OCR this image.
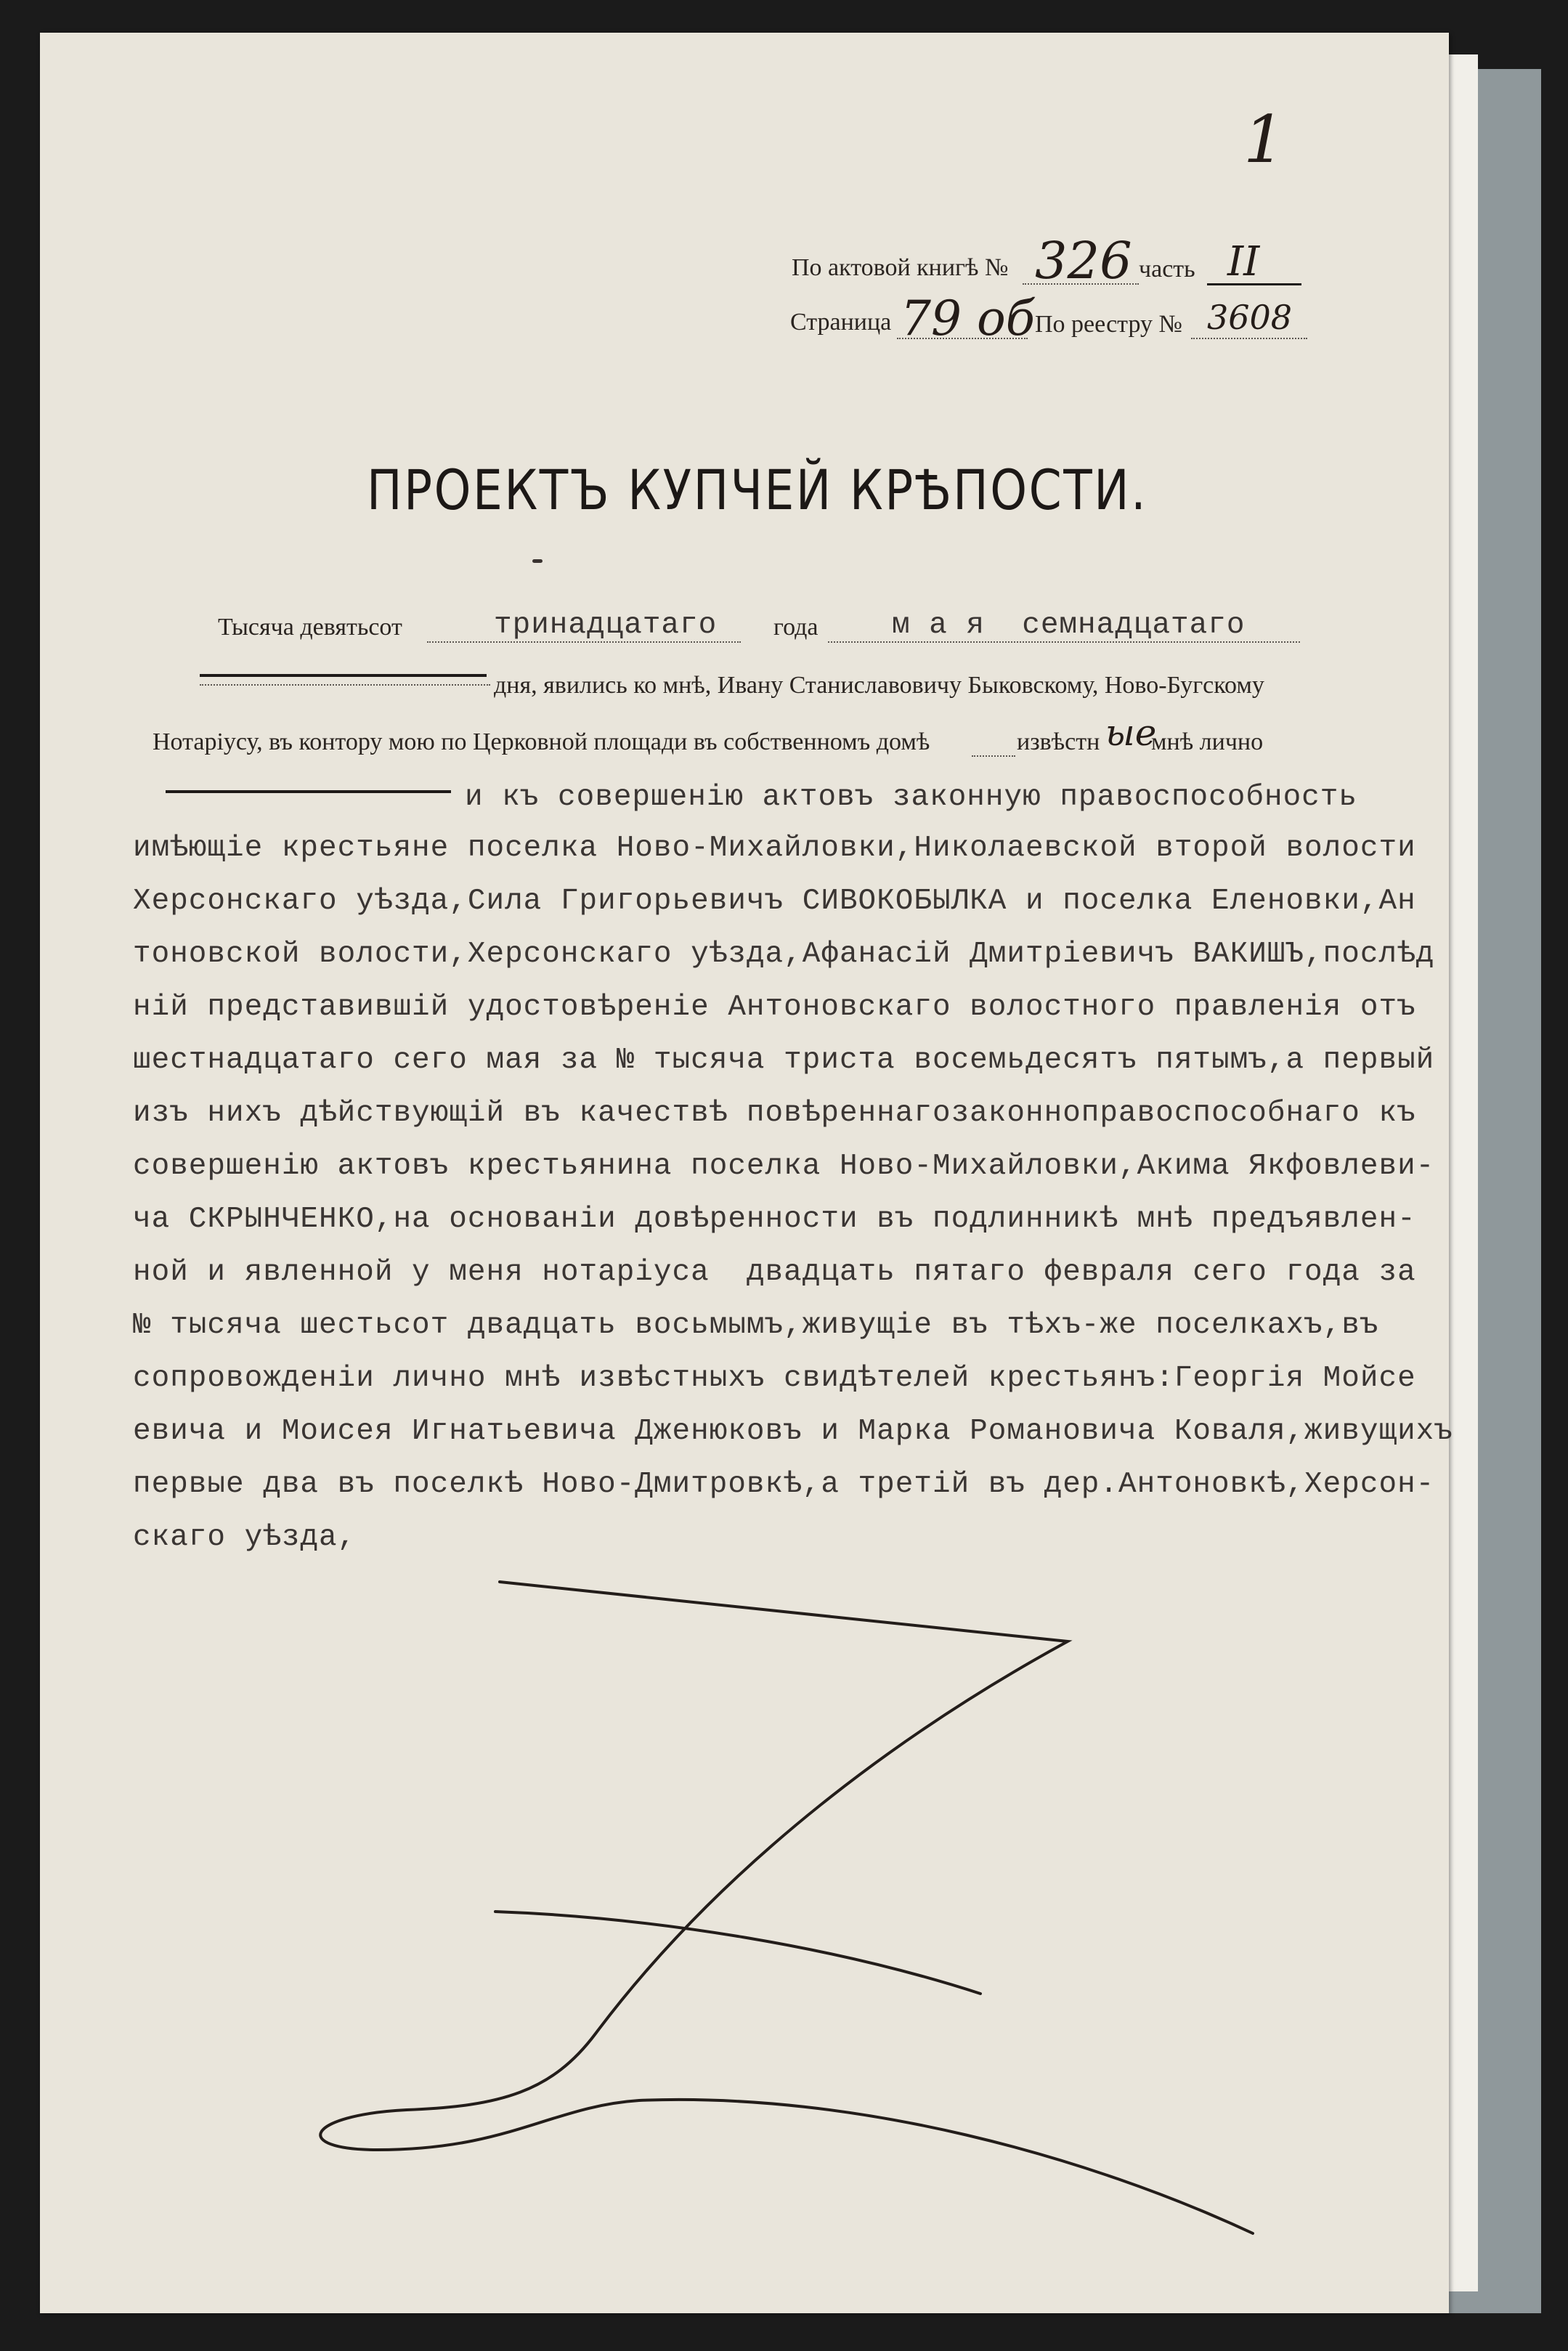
1
По актовой книгѣ № 326 часть II
Страница 79 об По реестру № 3608
ПРОЕКТЪ КУПЧЕЙ КРѢПОСТИ.
Тысяча девятьсот	тринадцатаго года м а я  семнадцатаго
дня, явились ко мнѣ, Ивану Станиславовичу Быковскому, Ново-Бугскому
Нотаріусу, въ контору мою по Церковной площади въ собственномъ домѣ	извѣстн ые
мнѣ лично
и къ совершенію актовъ законную правоспособность
имѣющіе крестьяне поселка Ново-Михайловки,Николаевской второй волости
Херсонскаго уѣзда,Сила Григорьевичъ СИВОКОБЫЛКА и поселка Еленовки,Ан
тоновской волости,Херсонскаго уѣзда,Афанасій Дмитріевичъ ВАКИШЪ,послѣд
ній представившій удостовѣреніе Антоновскаго волостного правленія отъ
шестнадцатаго сего мая за № тысяча триста восемьдесятъ пятымъ,а первый
изъ нихъ дѣйствующій въ качествѣ повѣреннагозаконноправоспособнаго къ
совершенію актовъ крестьянина поселка Ново-Михайловки,Акима Якфовлеви-
ча СКРЫНЧЕНКО,на основаніи довѣренности въ подлинникѣ мнѣ предъявлен-
ной и явленной у меня нотаріуса  двадцать пятаго февраля сего года за
№ тысяча шестьсот двадцать восьмымъ,живущіе въ тѣхъ-же поселкахъ,въ
сопровожденіи лично мнѣ извѣстныхъ свидѣтелей крестьянъ:Георгія Мойсе
евича и Моисея Игнатьевича Дженюковъ и Марка Романовича Коваля,живущихъ
первые два въ поселкѣ Ново-Дмитровкѣ,а третій въ дер.Антоновкѣ,Херсон-
скаго уѣзда,
